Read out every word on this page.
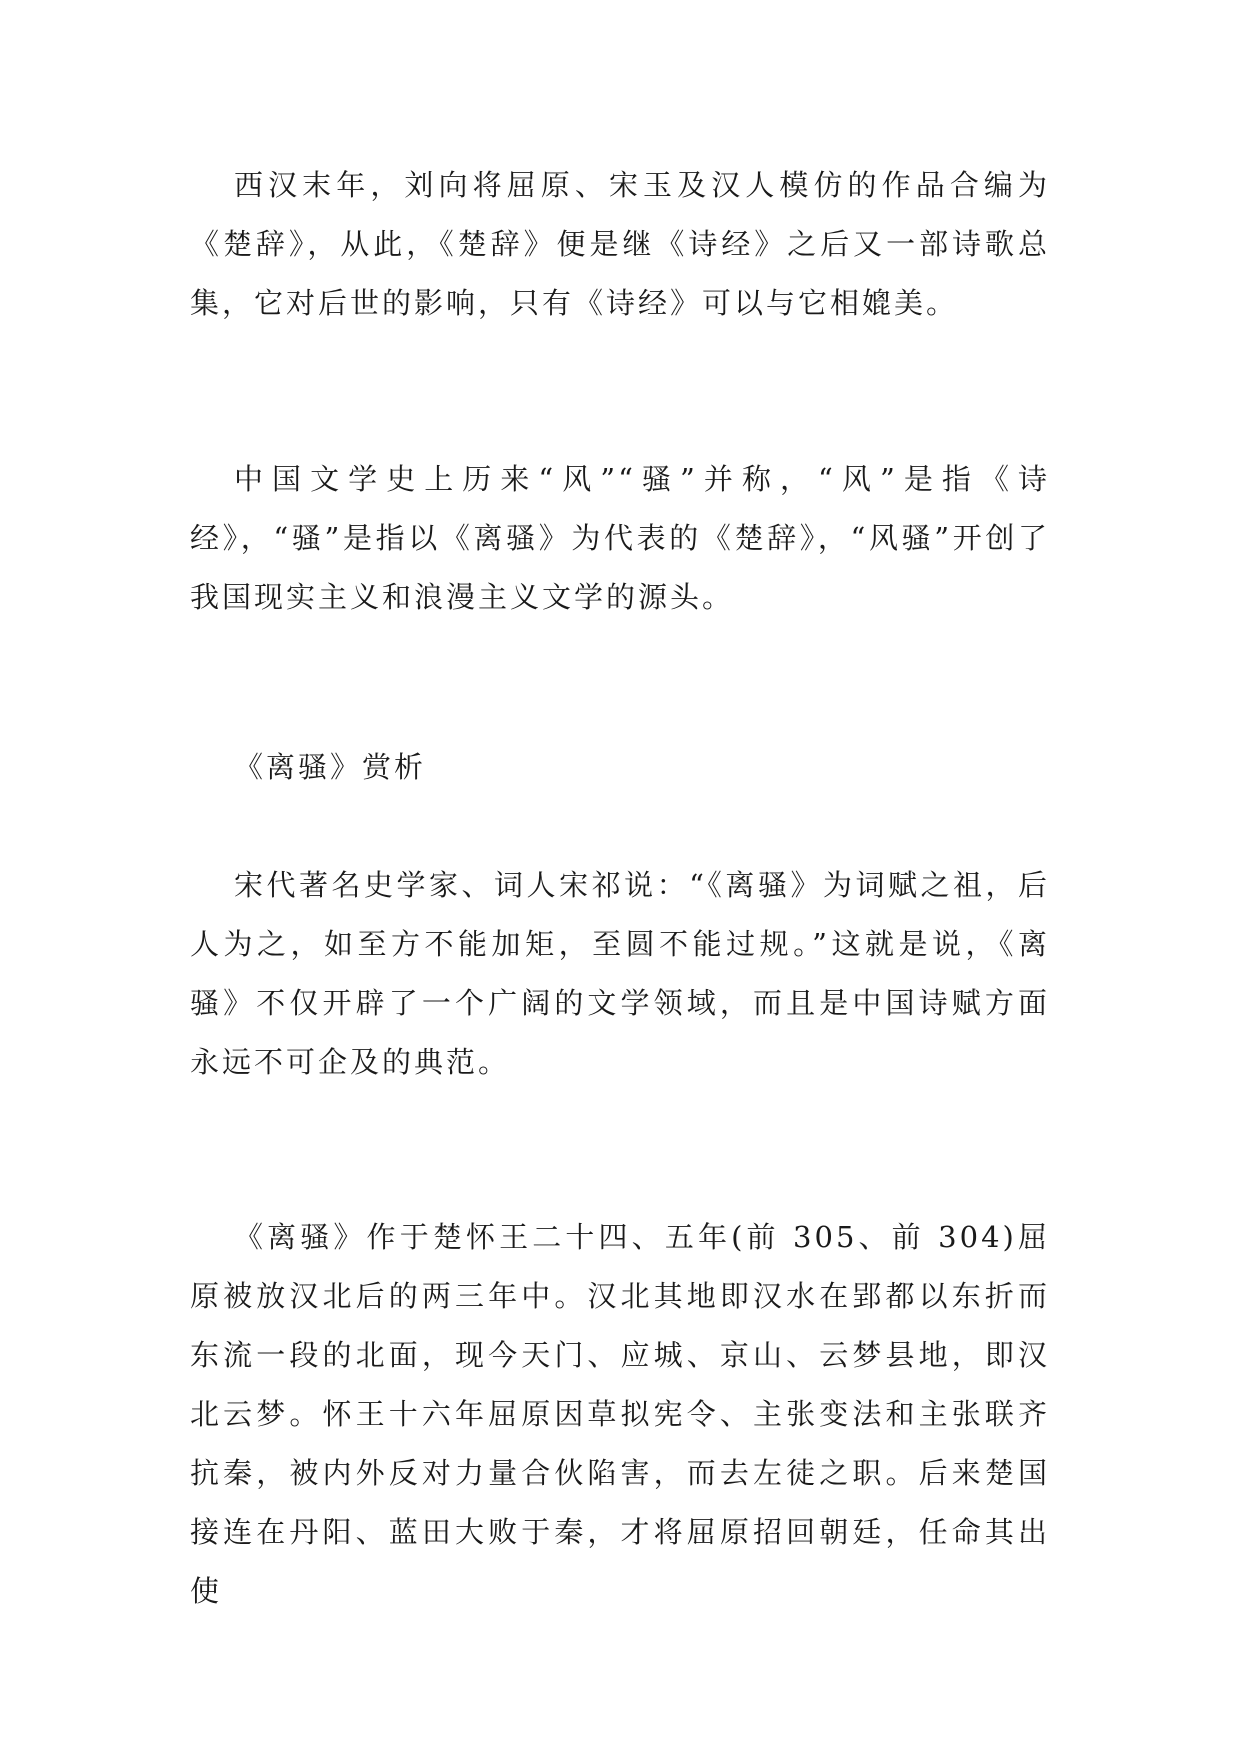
西汉末年，刘向将屈原、宋玉及汉人模仿的作品合编为《楚辞》，从此，《楚辞》便是继《诗经》之后又一部诗歌总集，它对后世的影响，只有《诗经》可以与它相媲美。

中国文学史上历来“风”“骚”并称，“风”是指《诗经》，“骚”是指以《离骚》为代表的《楚辞》，“风骚”开创了我国现实主义和浪漫主义文学的源头。

《离骚》赏析

宋代著名史学家、词人宋祁说：“《离骚》为词赋之祖，后人为之，如至方不能加矩，至圆不能过规。”这就是说，《离骚》不仅开辟了一个广阔的文学领域，而且是中国诗赋方面永远不可企及的典范。

《离骚》作于楚怀王二十四、五年(前 305、前 304)屈原被放汉北后的两三年中。汉北其地即汉水在郢都以东折而东流一段的北面，现今天门、应城、京山、云梦县地，即汉北云梦。怀王十六年屈原因草拟宪令、主张变法和主张联齐抗秦，被内外反对力量合伙陷害，而去左徒之职。后来楚国接连在丹阳、蓝田大败于秦，才将屈原招回朝廷，任命其出使
